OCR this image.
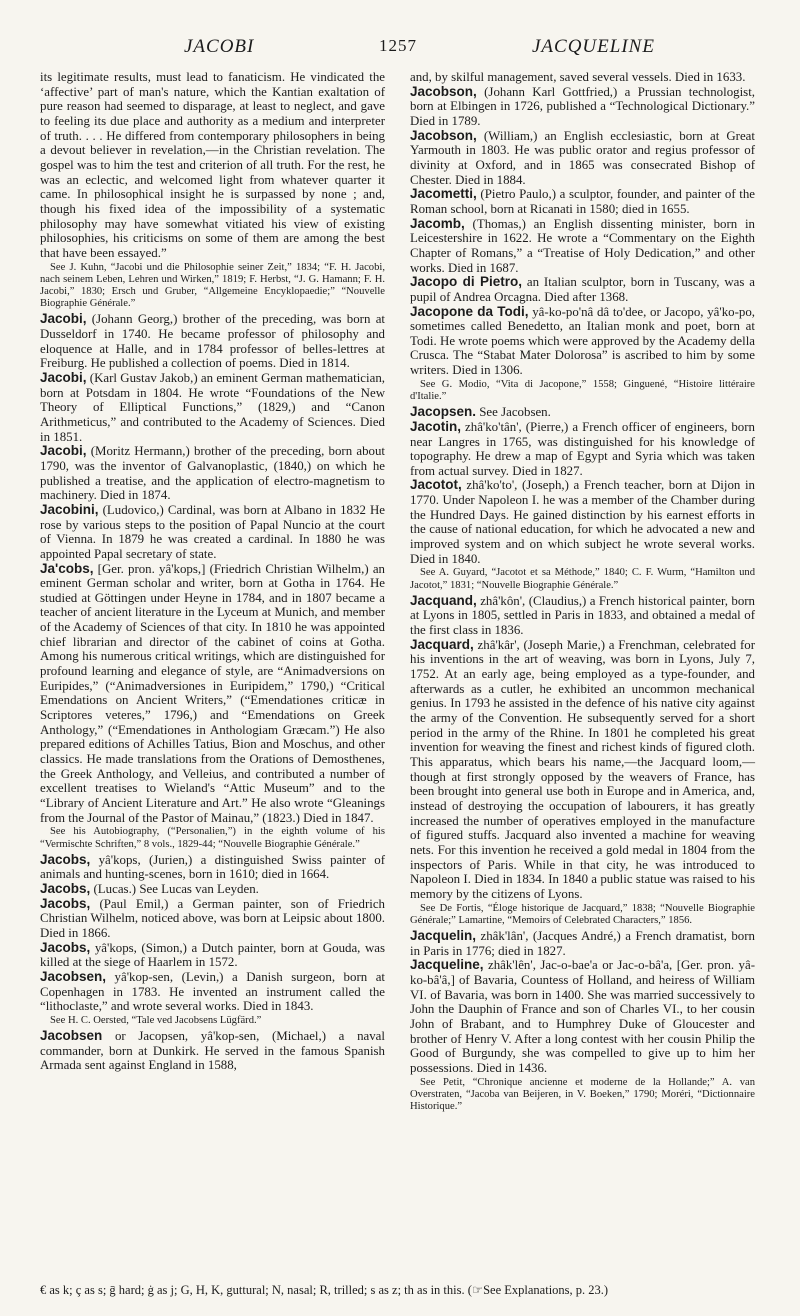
JACOBI	1257	JACQUELINE

its legitimate results, must lead to fanaticism. He vindicated the ‘affective’ part of man's nature, which the Kantian exaltation of pure reason had seemed to disparage, at least to neglect, and gave to feeling its due place and authority as a medium and interpreter of truth. . . . He differed from contemporary philosophers in being a devout believer in revelation,—in the Christian revelation. The gospel was to him the test and criterion of all truth. For the rest, he was an eclectic, and welcomed light from whatever quarter it came. In philosophical insight he is surpassed by none ; and, though his fixed idea of the impossibility of a systematic philosophy may have somewhat vitiated his view of existing philosophies, his criticisms on some of them are among the best that have been essayed.”

See J. Kuhn, “Jacobi und die Philosophie seiner Zeit,” 1834; “F. H. Jacobi, nach seinem Leben, Lehren und Wirken,” 1819; F. Herbst, “J. G. Hamann; F. H. Jacobi,” 1830; Ersch und Gruber, “Allgemeine Encyklopaedie;” “Nouvelle Biographie Générale.”

Jacobi, (Johann Georg,) brother of the preceding, was born at Dusseldorf in 1740. He became professor of philosophy and eloquence at Halle, and in 1784 professor of belles-lettres at Freiburg. He published a collection of poems. Died in 1814.

Jacobi, (Karl Gustav Jakob,) an eminent German mathematician, born at Potsdam in 1804. He wrote “Foundations of the New Theory of Elliptical Functions,” (1829,) and “Canon Arithmeticus,” and contributed to the Academy of Sciences. Died in 1851.

Jacobi, (Moritz Hermann,) brother of the preceding, born about 1790, was the inventor of Galvanoplastic, (1840,) on which he published a treatise, and the application of electro-magnetism to machinery. Died in 1874.

Jacobini, (Ludovico,) Cardinal, was born at Albano in 1832 He rose by various steps to the position of Papal Nuncio at the court of Vienna. In 1879 he was created a cardinal. In 1880 he was appointed Papal secretary of state.

Ja'cobs, [Ger. pron. yâ'kops,] (Friedrich Christian Wilhelm,) an eminent German scholar and writer, born at Gotha in 1764. He studied at Göttingen under Heyne in 1784, and in 1807 became a teacher of ancient literature in the Lyceum at Munich, and member of the Academy of Sciences of that city. In 1810 he was appointed chief librarian and director of the cabinet of coins at Gotha. Among his numerous critical writings, which are distinguished for profound learning and elegance of style, are “Animadversions on Euripides,” (“Animadversiones in Euripidem,” 1790,) “Critical Emendations on Ancient Writers,” (“Emendationes criticæ in Scriptores veteres,” 1796,) and “Emendations on Greek Anthology,” (“Emendationes in Anthologiam Græcam.”) He also prepared editions of Achilles Tatius, Bion and Moschus, and other classics. He made translations from the Orations of Demosthenes, the Greek Anthology, and Velleius, and contributed a number of excellent treatises to Wieland's “Attic Museum” and to the “Library of Ancient Literature and Art.” He also wrote “Gleanings from the Journal of the Pastor of Mainau,” (1823.) Died in 1847.

See his Autobiography, (“Personalien,”) in the eighth volume of his “Vermischte Schriften,” 8 vols., 1829-44; “Nouvelle Biographie Générale.”

Jacobs, yâ'kops, (Jurien,) a distinguished Swiss painter of animals and hunting-scenes, born in 1610; died in 1664.

Jacobs, (Lucas.) See Lucas van Leyden.

Jacobs, (Paul Emil,) a German painter, son of Friedrich Christian Wilhelm, noticed above, was born at Leipsic about 1800. Died in 1866.

Jacobs, yâ'kops, (Simon,) a Dutch painter, born at Gouda, was killed at the siege of Haarlem in 1572.

Jacobsen, yâ'kop-sen, (Levin,) a Danish surgeon, born at Copenhagen in 1783. He invented an instrument called the “lithoclaste,” and wrote several works. Died in 1843.

See H. C. Oersted, “Tale ved Jacobsens Lügfärd.”

Jacobsen or Jacopsen, yâ'kop-sen, (Michael,) a naval commander, born at Dunkirk. He served in the famous Spanish Armada sent against England in 1588,

and, by skilful management, saved several vessels. Died in 1633.

Jacobson, (Johann Karl Gottfried,) a Prussian technologist, born at Elbingen in 1726, published a “Technological Dictionary.” Died in 1789.

Jacobson, (William,) an English ecclesiastic, born at Great Yarmouth in 1803. He was public orator and regius professor of divinity at Oxford, and in 1865 was consecrated Bishop of Chester. Died in 1884.

Jacometti, (Pietro Paulo,) a sculptor, founder, and painter of the Roman school, born at Ricanati in 1580; died in 1655.

Jacomb, (Thomas,) an English dissenting minister, born in Leicestershire in 1622. He wrote a “Commentary on the Eighth Chapter of Romans,” a “Treatise of Holy Dedication,” and other works. Died in 1687.

Jacopo di Pietro, an Italian sculptor, born in Tuscany, was a pupil of Andrea Orcagna. Died after 1368.

Jacopone da Todi, yâ-ko-po'nâ dâ to'dee, or Jacopo, yâ'ko-po, sometimes called Benedetto, an Italian monk and poet, born at Todi. He wrote poems which were approved by the Academy della Crusca. The “Stabat Mater Dolorosa” is ascribed to him by some writers. Died in 1306.

See G. Modio, “Vita di Jacopone,” 1558; Ginguené, “Histoire littéraire d'Italie.”

Jacopsen. See Jacobsen.

Jacotin, zhâ'ko'tân', (Pierre,) a French officer of engineers, born near Langres in 1765, was distinguished for his knowledge of topography. He drew a map of Egypt and Syria which was taken from actual survey. Died in 1827.

Jacotot, zhâ'ko'to', (Joseph,) a French teacher, born at Dijon in 1770. Under Napoleon I. he was a member of the Chamber during the Hundred Days. He gained distinction by his earnest efforts in the cause of national education, for which he advocated a new and improved system and on which subject he wrote several works. Died in 1840.

See A. Guyard, “Jacotot et sa Méthode,” 1840; C. F. Wurm, “Hamilton und Jacotot,” 1831; “Nouvelle Biographie Générale.”

Jacquand, zhâ'kôn', (Claudius,) a French historical painter, born at Lyons in 1805, settled in Paris in 1833, and obtained a medal of the first class in 1836.

Jacquard, zhâ'kâr', (Joseph Marie,) a Frenchman, celebrated for his inventions in the art of weaving, was born in Lyons, July 7, 1752. At an early age, being employed as a type-founder, and afterwards as a cutler, he exhibited an uncommon mechanical genius. In 1793 he assisted in the defence of his native city against the army of the Convention. He subsequently served for a short period in the army of the Rhine. In 1801 he completed his great invention for weaving the finest and richest kinds of figured cloth. This apparatus, which bears his name,—the Jacquard loom,—though at first strongly opposed by the weavers of France, has been brought into general use both in Europe and in America, and, instead of destroying the occupation of labourers, it has greatly increased the number of operatives employed in the manufacture of figured stuffs. Jacquard also invented a machine for weaving nets. For this invention he received a gold medal in 1804 from the inspectors of Paris. While in that city, he was introduced to Napoleon I. Died in 1834. In 1840 a public statue was raised to his memory by the citizens of Lyons.

See De Fortis, “Éloge historique de Jacquard,” 1838; “Nouvelle Biographie Générale;” Lamartine, “Memoirs of Celebrated Characters,” 1856.

Jacquelin, zhâk'lân', (Jacques André,) a French dramatist, born in Paris in 1776; died in 1827.

Jacqueline, zhâk'lên', Jac-o-bae'a or Jac-o-bâ'a, [Ger. pron. yâ-ko-bâ'â,] of Bavaria, Countess of Holland, and heiress of William VI. of Bavaria, was born in 1400. She was married successively to John the Dauphin of France and son of Charles VI., to her cousin John of Brabant, and to Humphrey Duke of Gloucester and brother of Henry V. After a long contest with her cousin Philip the Good of Burgundy, she was compelled to give up to him her possessions. Died in 1436.

See Petit, “Chronique ancienne et moderne de la Hollande;” A. van Overstraten, “Jacoba van Beijeren, in V. Boeken,” 1790; Moréri, “Dictionnaire Historique.”

€ as k; ç as s; ḡ hard; ġ as j; G, H, K, guttural; N, nasal; R, trilled; s as z; th as in this. (☞See Explanations, p. 23.)
